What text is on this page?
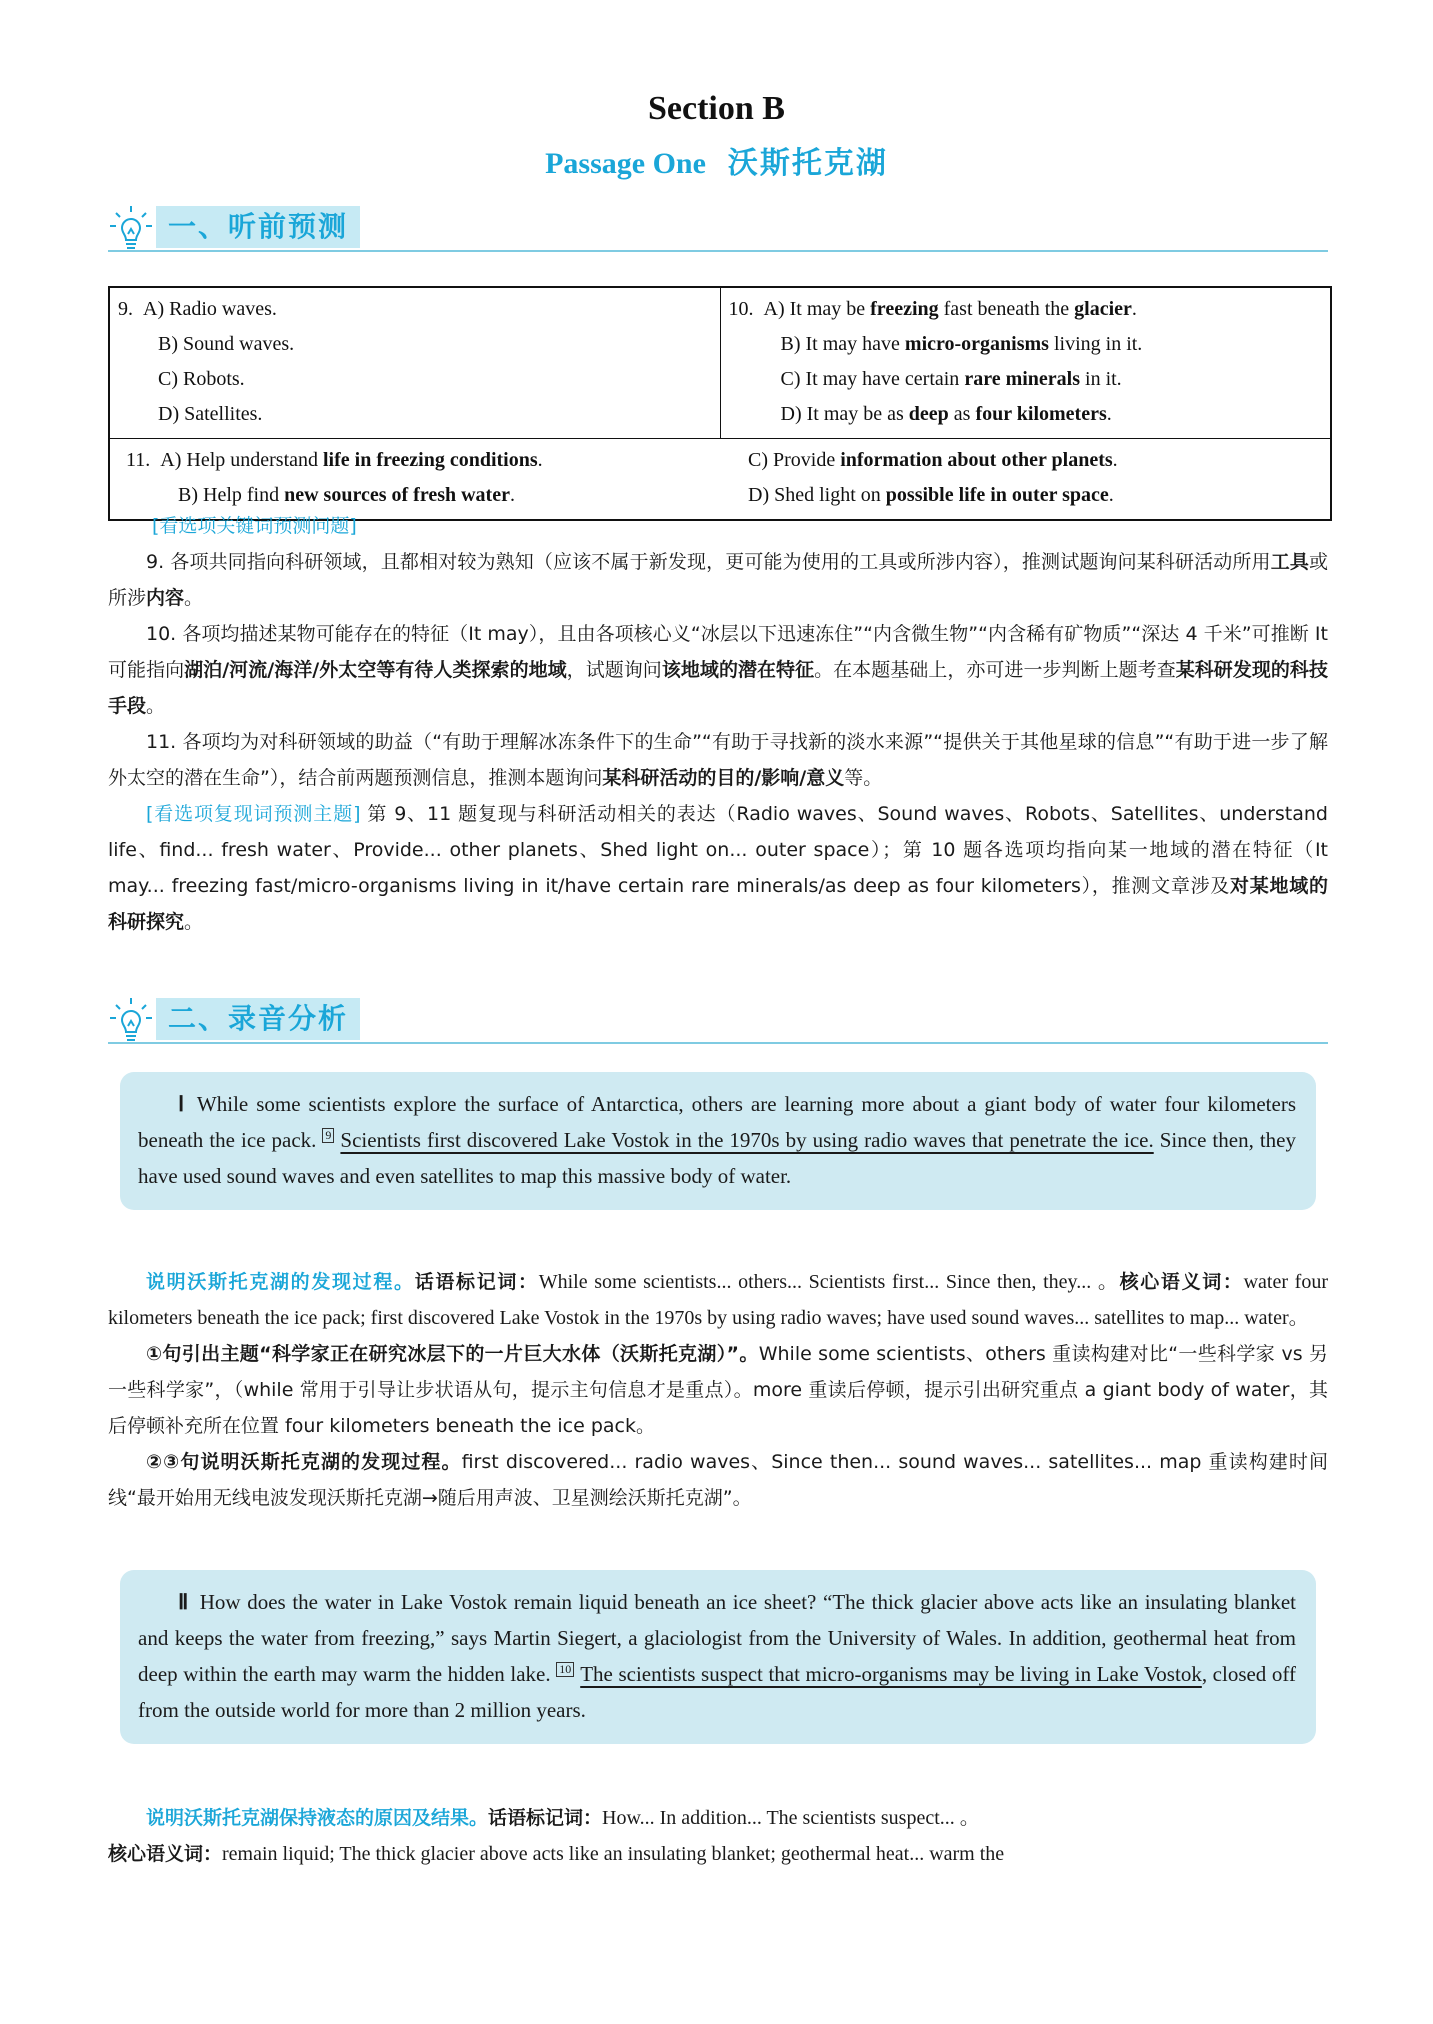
Section B
Passage One 沃斯托克湖
一、听前预测
9. A) Radio waves.
B) Sound waves.
C) Robots.
D) Satellites.
10. A) It may be freezing fast beneath the glacier.
B) It may have micro-organisms living in it.
C) It may have certain rare minerals in it.
D) It may be as deep as four kilometers.
11. A) Help understand life in freezing conditions.
B) Help find new sources of fresh water.
C) Provide information about other planets.
D) Shed light on possible life in outer space.

[看选项关键词预测问题]

9. 各项共同指向科研领域，且都相对较为熟知（应该不属于新发现，更可能为使用的工具或所涉内容），推测试题询问某科研活动所用工具或所涉内容。

10. 各项均描述某物可能存在的特征（It may），且由各项核心义“冰层以下迅速冻住”“内含微生物”“内含稀有矿物质”“深达 4 千米”可推断 It 可能指向湖泊/河流/海洋/外太空等有待人类探索的地域，试题询问该地域的潜在特征。在本题基础上，亦可进一步判断上题考查某科研发现的科技手段。

11. 各项均为对科研领域的助益（“有助于理解冰冻条件下的生命”“有助于寻找新的淡水来源”“提供关于其他星球的信息”“有助于进一步了解外太空的潜在生命”），结合前两题预测信息，推测本题询问某科研活动的目的/影响/意义等。

[看选项复现词预测主题] 第 9、11 题复现与科研活动相关的表达（Radio waves、Sound waves、Robots、Satellites、understand life、find... fresh water、Provide... other planets、Shed light on... outer space）；第 10 题各选项均指向某一地域的潜在特征（It may... freezing fast/micro-organisms living in it/have certain rare minerals/as deep as four kilometers），推测文章涉及对某地域的科研探究。

二、录音分析
Ⅰ While some scientists explore the surface of Antarctica, others are learning more about a giant body of water four kilometers beneath the ice pack. 9 Scientists first discovered Lake Vostok in the 1970s by using radio waves that penetrate the ice. Since then, they have used sound waves and even satellites to map this massive body of water.

说明沃斯托克湖的发现过程。话语标记词：While some scientists... others... Scientists first... Since then, they... 。核心语义词：water four kilometers beneath the ice pack; first discovered Lake Vostok in the 1970s by using radio waves; have used sound waves... satellites to map... water。

①句引出主题“科学家正在研究冰层下的一片巨大水体（沃斯托克湖）”。While some scientists、others 重读构建对比“一些科学家 vs 另一些科学家”，（while 常用于引导让步状语从句，提示主句信息才是重点）。more 重读后停顿，提示引出研究重点 a giant body of water，其后停顿补充所在位置 four kilometers beneath the ice pack。

②③句说明沃斯托克湖的发现过程。first discovered... radio waves、Since then... sound waves... satellites... map 重读构建时间线“最开始用无线电波发现沃斯托克湖→随后用声波、卫星测绘沃斯托克湖”。

Ⅱ How does the water in Lake Vostok remain liquid beneath an ice sheet? “The thick glacier above acts like an insulating blanket and keeps the water from freezing,” says Martin Siegert, a glaciologist from the University of Wales. In addition, geothermal heat from deep within the earth may warm the hidden lake. 10 The scientists suspect that micro-organisms may be living in Lake Vostok, closed off from the outside world for more than 2 million years.

说明沃斯托克湖保持液态的原因及结果。话语标记词：How... In addition... The scientists suspect... 。

核心语义词：remain liquid; The thick glacier above acts like an insulating blanket; geothermal heat... warm the
